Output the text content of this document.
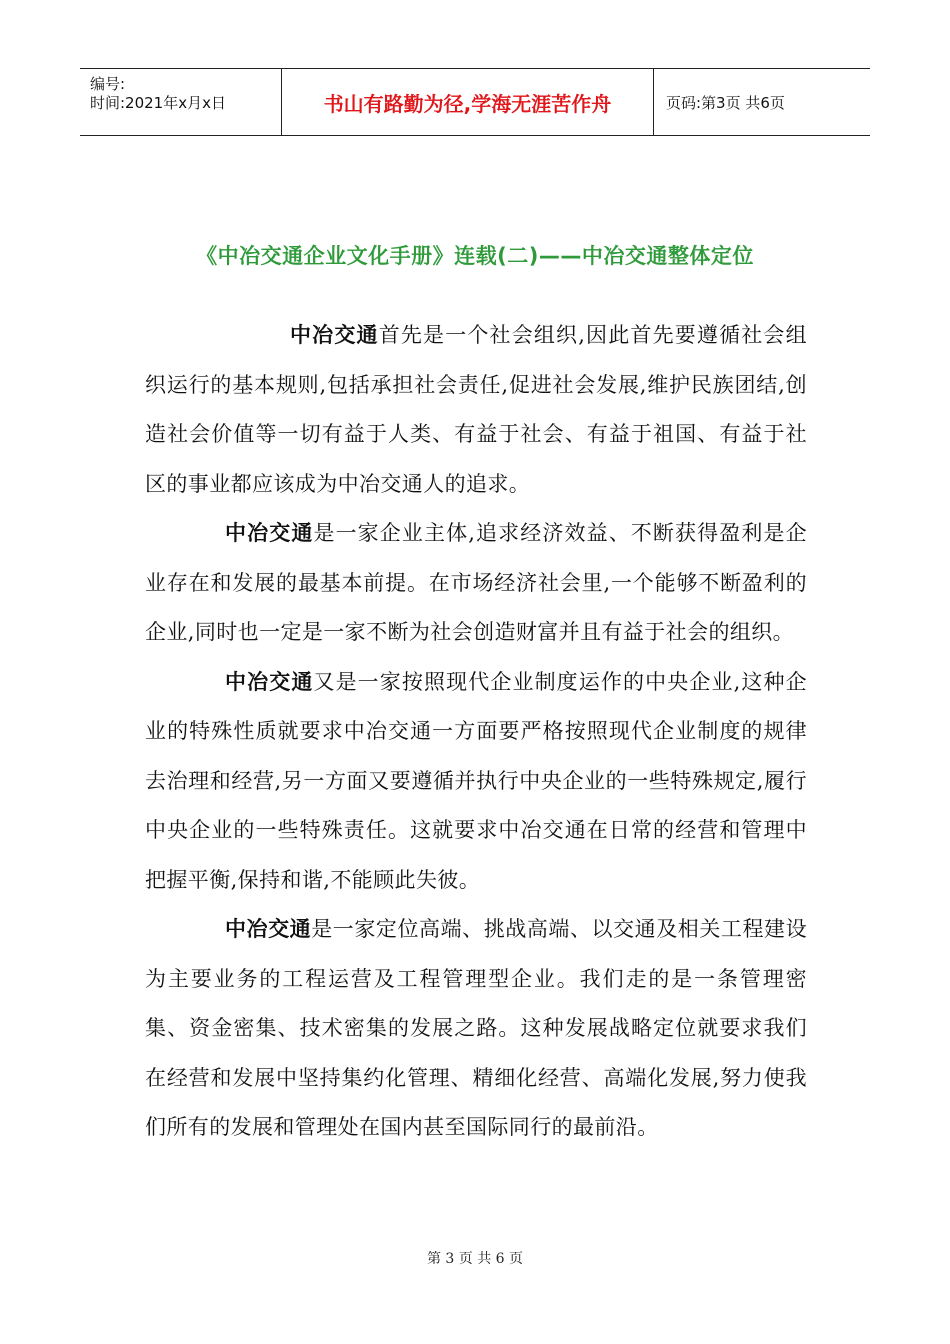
编号:
时间:2021年x月x日	书山有路勤为径,学海无涯苦作舟	页码:第3页 共6页
《中冶交通企业文化手册》连载(二)——中冶交通整体定位

中冶交通首先是一个社会组织,因此首先要遵循社会组织运行的基本规则,包括承担社会责任,促进社会发展,维护民族团结,创造社会价值等一切有益于人类、有益于社会、有益于祖国、有益于社区的事业都应该成为中冶交通人的追求。

中冶交通是一家企业主体,追求经济效益、不断获得盈利是企业存在和发展的最基本前提。在市场经济社会里,一个能够不断盈利的企业,同时也一定是一家不断为社会创造财富并且有益于社会的组织。

中冶交通又是一家按照现代企业制度运作的中央企业,这种企业的特殊性质就要求中冶交通一方面要严格按照现代企业制度的规律去治理和经营,另一方面又要遵循并执行中央企业的一些特殊规定,履行中央企业的一些特殊责任。这就要求中冶交通在日常的经营和管理中把握平衡,保持和谐,不能顾此失彼。

中冶交通是一家定位高端、挑战高端、以交通及相关工程建设为主要业务的工程运营及工程管理型企业。我们走的是一条管理密集、资金密集、技术密集的发展之路。这种发展战略定位就要求我们在经营和发展中坚持集约化管理、精细化经营、高端化发展,努力使我们所有的发展和管理处在国内甚至国际同行的最前沿。

第 3 页 共 6 页
